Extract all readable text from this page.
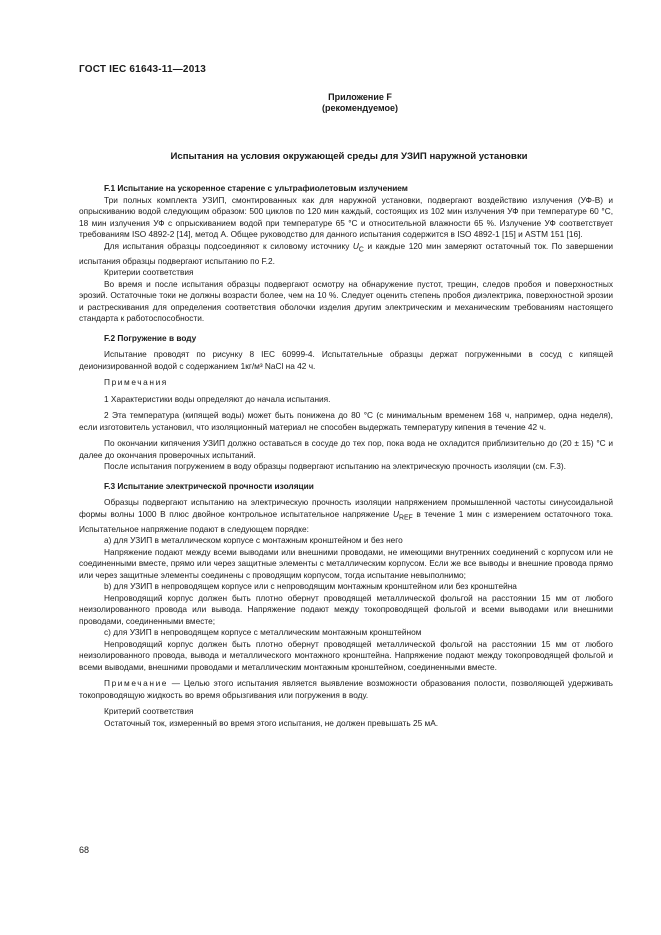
ГОСТ IEC 61643-11—2013
Приложение F
(рекомендуемое)
Испытания на условия окружающей среды для УЗИП наружной установки
F.1 Испытание на ускоренное старение с ультрафиолетовым излучением

Три полных комплекта УЗИП, смонтированных как для наружной установки, подвергают воздействию излучения (УФ-В) и опрыскиванию водой следующим образом: 500 циклов по 120 мин каждый, состоящих из 102 мин излучения УФ при температуре 60 °C, 18 мин излучения УФ с опрыскиванием водой при температуре 65 °C и относительной влажности 65 %. Излучение УФ соответствует требованиям ISO 4892-2 [14], метод А. Общее руководство для данного испытания содержится в ISO 4892-1 [15] и ASTM 151 [16].

Для испытания образцы подсоединяют к силовому источнику $U_C$ и каждые 120 мин замеряют остаточный ток. По завершении испытания образцы подвергают испытанию по F.2.

Критерии соответствия

Во время и после испытания образцы подвергают осмотру на обнаружение пустот, трещин, следов пробоя и поверхностных эрозий. Остаточные токи не должны возрасти более, чем на 10 %. Следует оценить степень пробоя диэлектрика, поверхностной эрозии и растрескивания для определения соответствия оболочки изделия другим электрическим и механическим требованиям настоящего стандарта к работоспособности.

F.2 Погружение в воду

Испытание проводят по рисунку 8 IEC 60999-4. Испытательные образцы держат погруженными в сосуд с кипящей деионизированной водой с содержанием 1кг/м³ NaCl на 42 ч.

Примечания

1 Характеристики воды определяют до начала испытания.

2 Эта температура (кипящей воды) может быть понижена до 80 °C (с минимальным временем 168 ч, например, одна неделя), если изготовитель установил, что изоляционный материал не способен выдержать температуру кипения в течение 42 ч.

По окончании кипячения УЗИП должно оставаться в сосуде до тех пор, пока вода не охладится приблизительно до (20 ± 15) °C и далее до окончания проверочных испытаний.

После испытания погружением в воду образцы подвергают испытанию на электрическую прочность изоляции (см. F.3).

F.3 Испытание электрической прочности изоляции

Образцы подвергают испытанию на электрическую прочность изоляции напряжением промышленной частоты синусоидальной формы волны 1000 В плюс двойное контрольное испытательное напряжение $U_{REF}$ в течение 1 мин с измерением остаточного тока. Испытательное напряжение подают в следующем порядке:

а) для УЗИП в металлическом корпусе с монтажным кронштейном и без него

Напряжение подают между всеми выводами или внешними проводами, не имеющими внутренних соединений с корпусом или не соединенными вместе, прямо или через защитные элементы с металлическим корпусом. Если же все выводы и внешние провода прямо или через защитные элементы соединены с проводящим корпусом, тогда испытание невыполнимо;

b) для УЗИП в непроводящем корпусе или с непроводящим монтажным кронштейном или без кронштейна

Непроводящий корпус должен быть плотно обернут проводящей металлической фольгой на расстоянии 15 мм от любого неизолированного провода или вывода. Напряжение подают между токопроводящей фольгой и всеми выводами или внешними проводами, соединенными вместе;

с) для УЗИП в непроводящем корпусе с металлическим монтажным кронштейном

Непроводящий корпус должен быть плотно обернут проводящей металлической фольгой на расстоянии 15 мм от любого неизолированного провода, вывода и металлического монтажного кронштейна. Напряжение подают между токопроводящей фольгой и всеми выводами, внешними проводами и металлическим монтажным кронштейном, соединенными вместе.

Примечание — Целью этого испытания является выявление возможности образования полости, позволяющей удерживать токопроводящую жидкость во время обрызгивания или погружения в воду.

Критерий соответствия

Остаточный ток, измеренный во время этого испытания, не должен превышать 25 мА.

68
